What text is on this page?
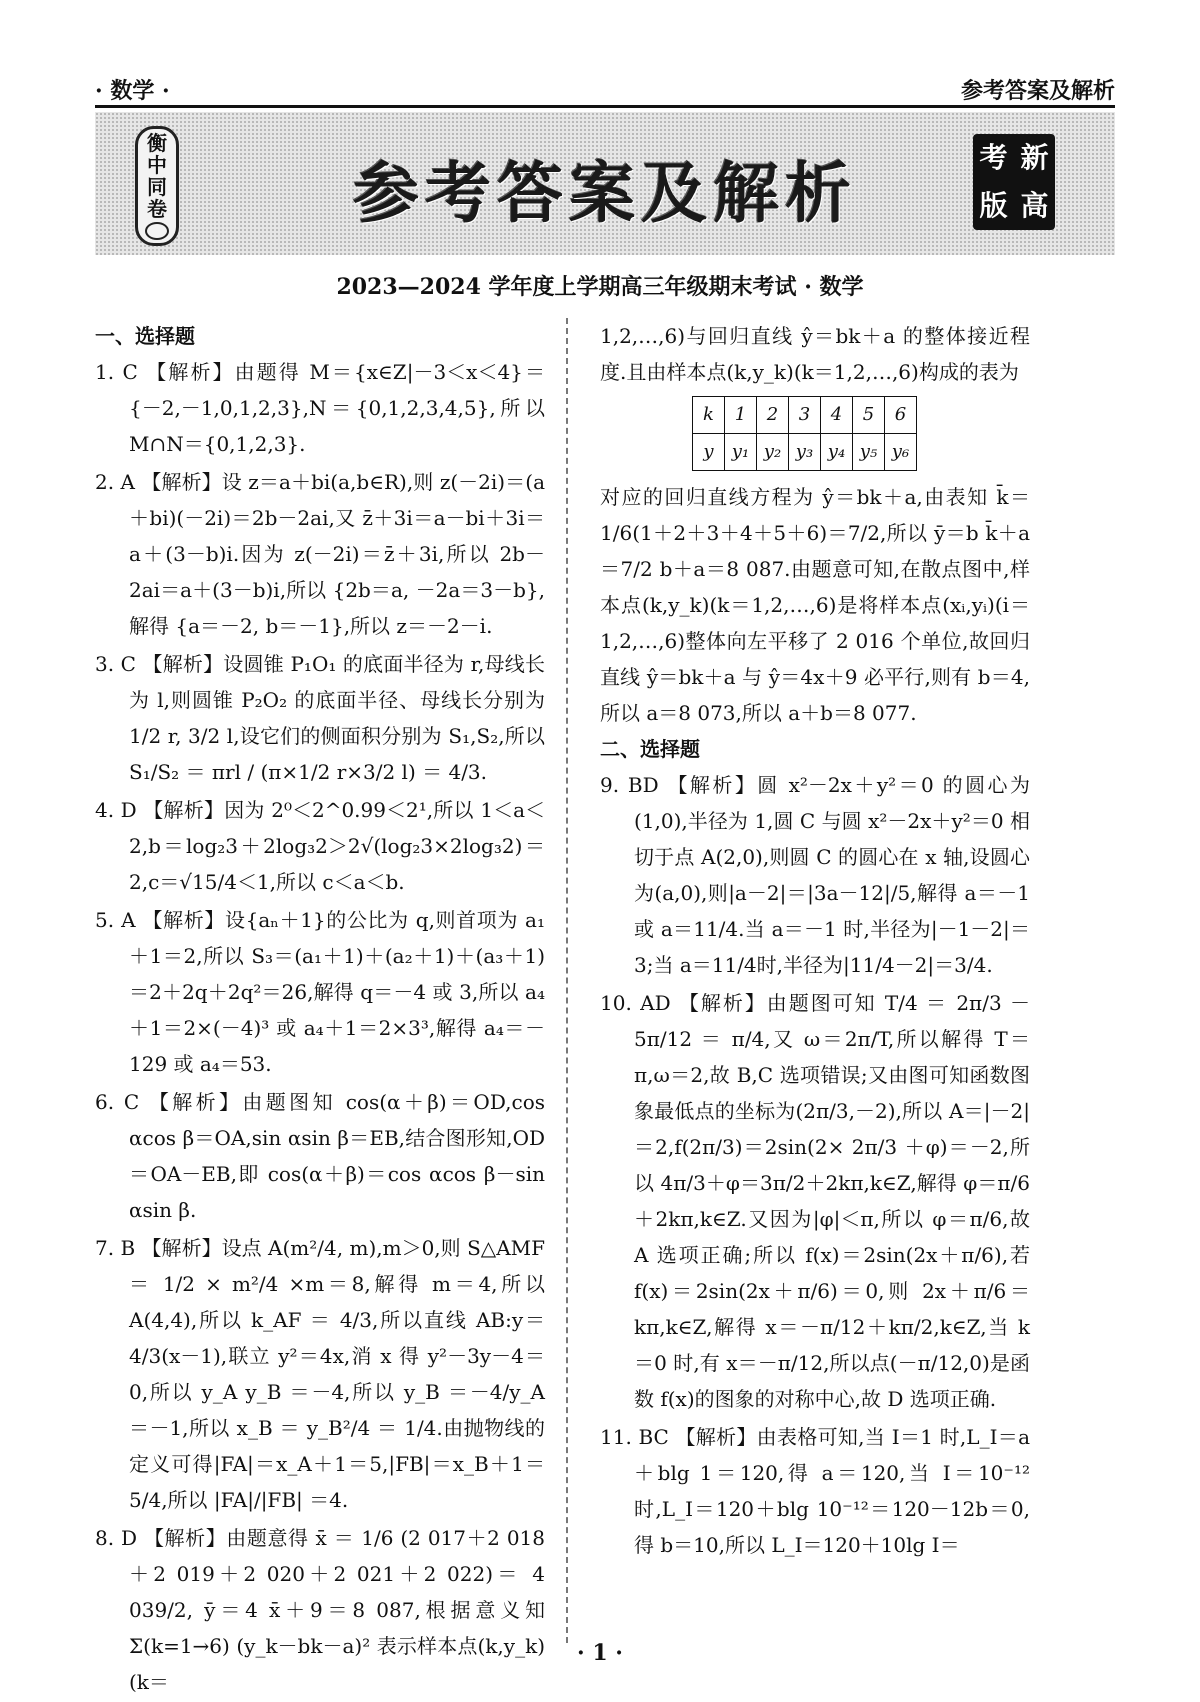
· 数学 ·	参考答案及解析
衡
中
同
卷	参考答案及解析	考 新
版 高
2023—2024 学年度上学期高三年级期末考试 · 数学

一、选择题

1. C 【解析】由题得 M＝{x∈Z|－3＜x＜4}＝{－2,－1,0,1,2,3},N＝{0,1,2,3,4,5},所以 M∩N＝{0,1,2,3}.

2. A 【解析】设 z＝a＋bi(a,b∈R),则 z(－2i)＝(a＋bi)(－2i)＝2b－2ai,又 z̄＋3i＝a－bi＋3i＝a＋(3－b)i.因为 z(－2i)＝z̄＋3i,所以 2b－2ai＝a＋(3－b)i,所以 {2b＝a, －2a＝3－b},解得 {a＝－2, b＝－1},所以 z＝－2－i.

3. C 【解析】设圆锥 P₁O₁ 的底面半径为 r,母线长为 l,则圆锥 P₂O₂ 的底面半径、母线长分别为 1/2 r, 3/2 l,设它们的侧面积分别为 S₁,S₂,所以 S₁/S₂ ＝ πrl / (π×1/2 r×3/2 l) ＝ 4/3.

4. D 【解析】因为 2⁰＜2^0.99＜2¹,所以 1＜a＜2,b＝log₂3＋2log₃2＞2√(log₂3×2log₃2)＝2,c＝√15/4＜1,所以 c＜a＜b.

5. A 【解析】设{aₙ＋1}的公比为 q,则首项为 a₁＋1＝2,所以 S₃＝(a₁＋1)＋(a₂＋1)＋(a₃＋1)＝2＋2q＋2q²＝26,解得 q＝－4 或 3,所以 a₄＋1＝2×(－4)³ 或 a₄＋1＝2×3³,解得 a₄＝－129 或 a₄＝53.

6. C 【解析】由题图知 cos(α＋β)＝OD,cos αcos β＝OA,sin αsin β＝EB,结合图形知,OD＝OA－EB,即 cos(α＋β)＝cos αcos β－sin αsin β.

7. B 【解析】设点 A(m²/4, m),m＞0,则 S△AMF ＝ 1/2 × m²/4 ×m＝8,解得 m＝4,所以 A(4,4),所以 k_AF ＝ 4/3,所以直线 AB:y＝4/3(x－1),联立 y²＝4x,消 x 得 y²－3y－4＝0,所以 y_A y_B ＝－4,所以 y_B ＝－4/y_A ＝－1,所以 x_B ＝ y_B²/4 ＝ 1/4.由抛物线的定义可得|FA|＝x_A＋1＝5,|FB|＝x_B＋1＝5/4,所以 |FA|/|FB| ＝4.

8. D 【解析】由题意得 x̄ ＝ 1/6 (2 017＋2 018＋2 019＋2 020＋2 021＋2 022)＝ 4 039/2, ȳ＝4 x̄＋9＝8 087,根据意义知 Σ(k=1→6) (y_k－bk－a)² 表示样本点(k,y_k)(k＝

1,2,…,6)与回归直线 ŷ＝bk＋a 的整体接近程度.且由样本点(k,y_k)(k＝1,2,…,6)构成的表为

k	1	2	3	4	5	6
y	y₁	y₂	y₃	y₄	y₅	y₆

对应的回归直线方程为 ŷ＝bk＋a,由表知 k̄＝1/6(1＋2＋3＋4＋5＋6)＝7/2,所以 ȳ＝b k̄＋a＝7/2 b＋a＝8 087.由题意可知,在散点图中,样本点(k,y_k)(k＝1,2,…,6)是将样本点(xᵢ,yᵢ)(i＝1,2,…,6)整体向左平移了 2 016 个单位,故回归直线 ŷ＝bk＋a 与 ŷ＝4x＋9 必平行,则有 b＝4,所以 a＝8 073,所以 a＋b＝8 077.

二、选择题

9. BD 【解析】圆 x²－2x＋y²＝0 的圆心为(1,0),半径为 1,圆 C 与圆 x²－2x＋y²＝0 相切于点 A(2,0),则圆 C 的圆心在 x 轴,设圆心为(a,0),则|a－2|＝|3a－12|/5,解得 a＝－1 或 a＝11/4.当 a＝－1 时,半径为|－1－2|＝3;当 a＝11/4时,半径为|11/4－2|＝3/4.

10. AD 【解析】由题图可知 T/4 ＝ 2π/3 － 5π/12 ＝ π/4,又 ω＝2π/T,所以解得 T＝π,ω＝2,故 B,C 选项错误;又由图可知函数图象最低点的坐标为(2π/3,－2),所以 A＝|－2|＝2,f(2π/3)＝2sin(2× 2π/3 ＋φ)＝－2,所以 4π/3＋φ＝3π/2＋2kπ,k∈Z,解得 φ＝π/6＋2kπ,k∈Z.又因为|φ|＜π,所以 φ＝π/6,故 A 选项正确;所以 f(x)＝2sin(2x＋π/6),若 f(x)＝2sin(2x＋π/6)＝0,则 2x＋π/6＝kπ,k∈Z,解得 x＝－π/12＋kπ/2,k∈Z,当 k＝0 时,有 x＝－π/12,所以点(－π/12,0)是函数 f(x)的图象的对称中心,故 D 选项正确.

11. BC 【解析】由表格可知,当 I＝1 时,L_I＝a＋blg 1＝120,得 a＝120,当 I＝10⁻¹² 时,L_I＝120＋blg 10⁻¹²＝120－12b＝0,得 b＝10,所以 L_I＝120＋10lg I＝

· 1 ·
